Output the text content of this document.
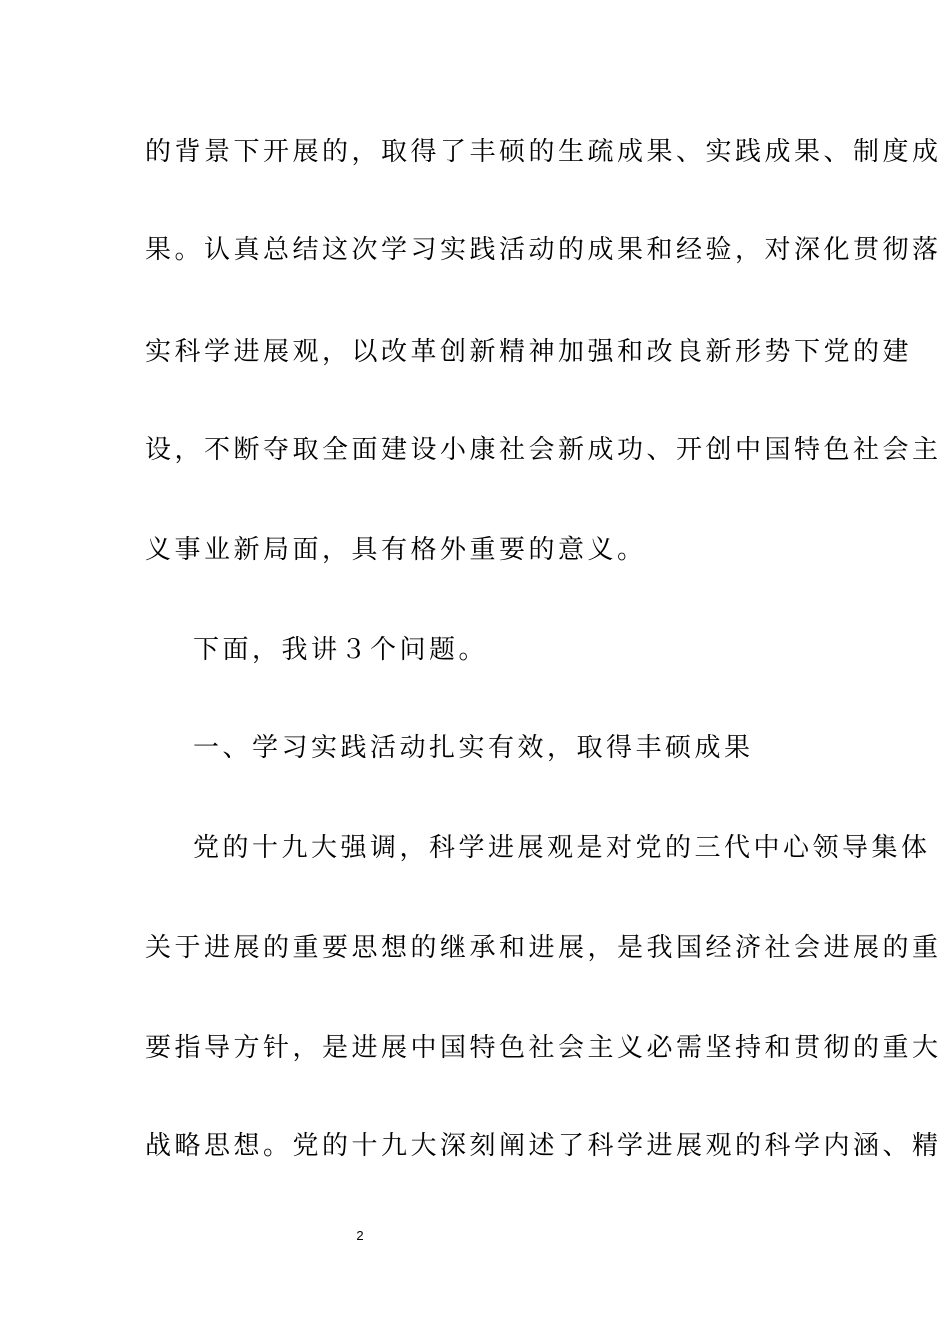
的背景下开展的，取得了丰硕的生疏成果、实践成果、制度成
果。认真总结这次学习实践活动的成果和经验，对深化贯彻落
实科学进展观，以改革创新精神加强和改良新形势下党的建
设，不断夺取全面建设小康社会新成功、开创中国特色社会主
义事业新局面，具有格外重要的意义。
下面，我讲３个问题。
一、学习实践活动扎实有效，取得丰硕成果
党的十九大强调，科学进展观是对党的三代中心领导集体
关于进展的重要思想的继承和进展，是我国经济社会进展的重
要指导方针，是进展中国特色社会主义必需坚持和贯彻的重大
战略思想。党的十九大深刻阐述了科学进展观的科学内涵、精
2
